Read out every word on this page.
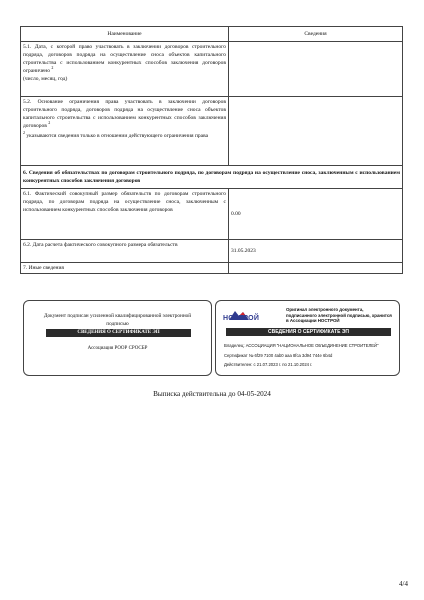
Наименование	Сведения
5.1. Дата, с которой право участвовать в заключении договоров строительного подряда, договоров подряда на осуществление сноса объектов капитального строительства с использованием конкурентных способов заключения договоров ограничено $^2$
(число, месяц, год)	
5.2. Основание ограничения права участвовать в заключении договоров строительного подряда, договоров подряда на осуществление сноса объектов капитального строительства с использованием конкурентных способов заключения договоров $^2$
$^2$ указываются сведения только в отношении действующего ограничения права	
6. Сведения об обязательствах по договорам строительного подряда, по договорам подряда на осуществление сноса, заключенным с использованием конкурентных способов заключения договоров	
6.1. Фактический совокупный размер обязательств по договорам строительного подряда, по договорам подряда на осуществление сноса, заключенным с использованием конкурентных способов заключения договоров	0.00
6.2. Дата расчета фактического совокупного размера обязательств	31.05.2023
7. Иные сведения	
Документ подписан усиленной квалифицированной электронной подписью
СВЕДЕНИЯ О СЕРТИФИКАТЕ ЭП
Ассоциация РООР СРОСБР
НОСТРОЙ
Оригинал электронного документа, подписанного электронной подписью, хранится в Ассоциации НОСТРОЙ
СВЕДЕНИЯ О СЕРТИФИКАТЕ ЭП
Владелец: АССОЦИАЦИЯ "НАЦИОНАЛЬНОЕ ОБЪЕДИНЕНИЕ СТРОИТЕЛЕЙ"
Сертификат № 6f29 7100 4ab0 aaa 8fca 3d94 744e 6b4d
Действителен: с 21.07.2023 г. по 21.10.2024 г.
Выписка действительна до 04-05-2024
4/4
